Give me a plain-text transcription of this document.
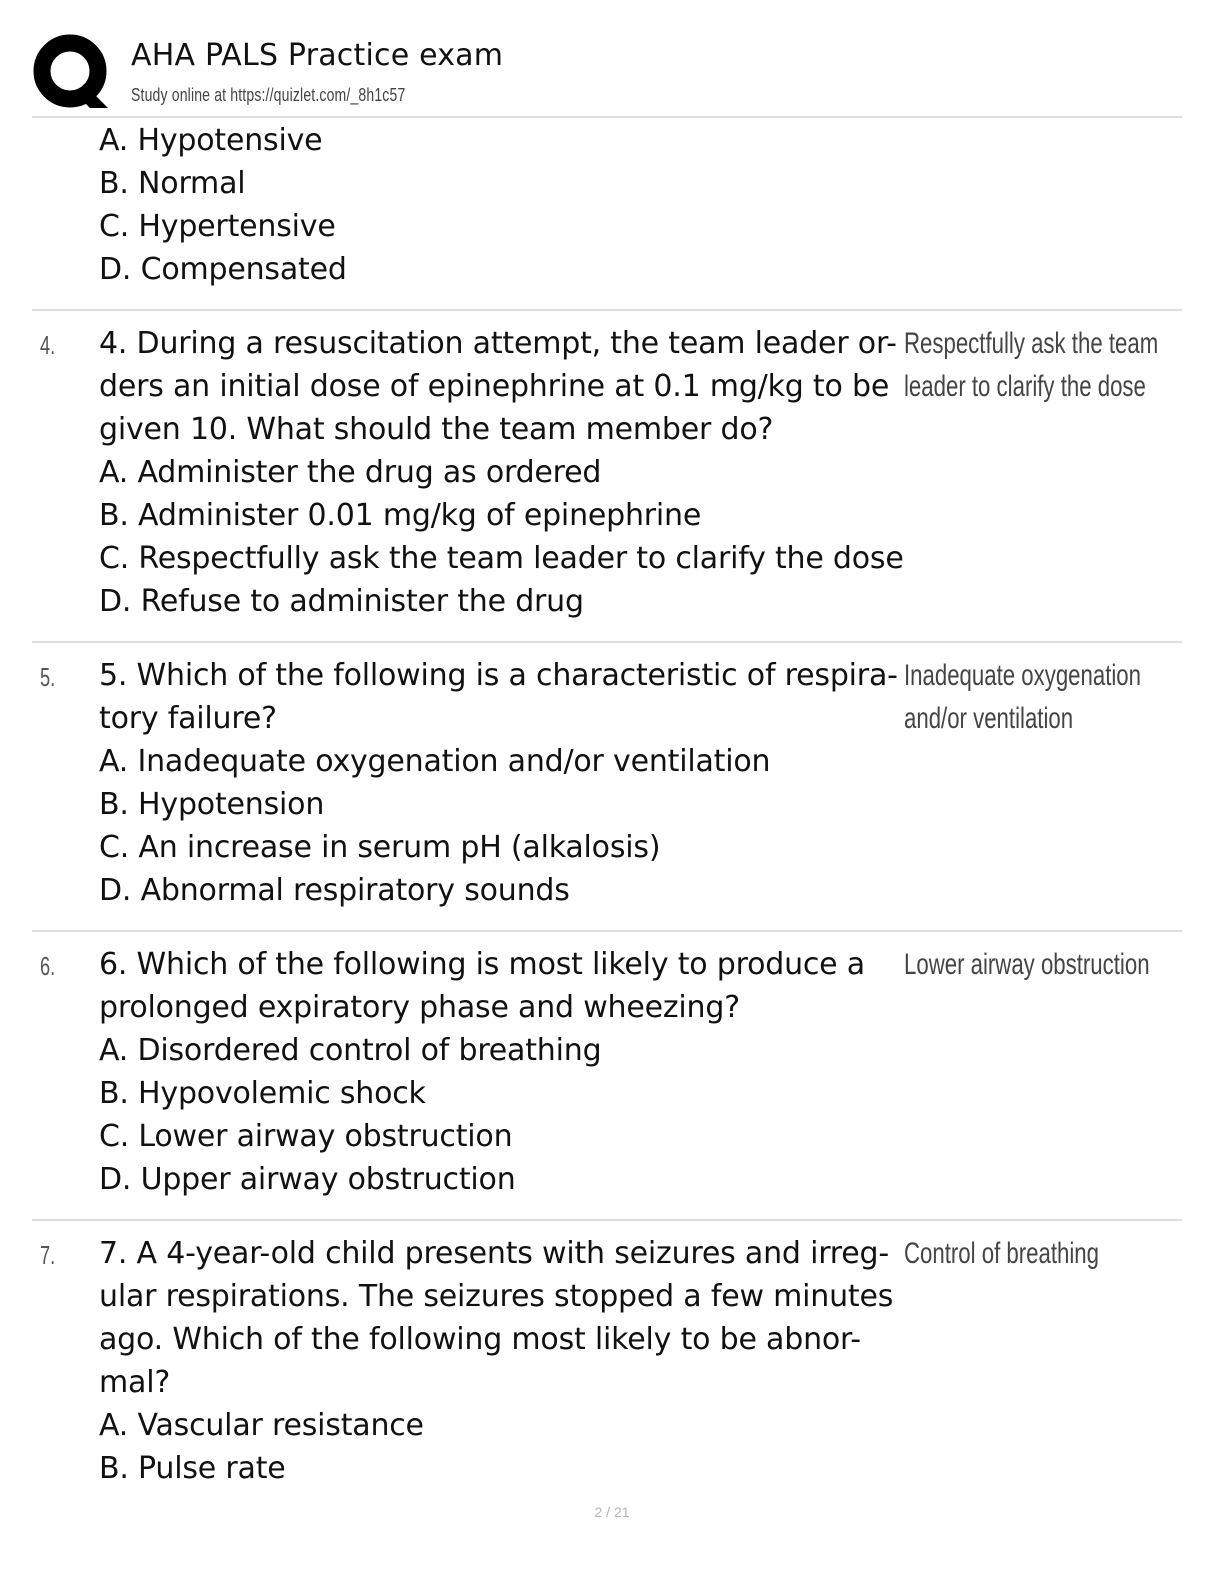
AHA PALS Practice exam
Study online at https://quizlet.com/_8h1c57
A. Hypotensive
B. Normal
C. Hypertensive
D. Compensated
4. 4. During a resuscitation attempt, the team leader or-
ders an initial dose of epinephrine at 0.1 mg/kg to be
given 10. What should the team member do?
A. Administer the drug as ordered
B. Administer 0.01 mg/kg of epinephrine
C. Respectfully ask the team leader to clarify the dose
D. Refuse to administer the drug
Respectfully ask the team
leader to clarify the dose
5. 5. Which of the following is a characteristic of respira-
tory failure?
A. Inadequate oxygenation and/or ventilation
B. Hypotension
C. An increase in serum pH (alkalosis)
D. Abnormal respiratory sounds
Inadequate oxygenation
and/or ventilation
6. 6. Which of the following is most likely to produce a
prolonged expiratory phase and wheezing?
A. Disordered control of breathing
B. Hypovolemic shock
C. Lower airway obstruction
D. Upper airway obstruction
Lower airway obstruction
7. 7. A 4-year-old child presents with seizures and irreg-
ular respirations. The seizures stopped a few minutes
ago. Which of the following most likely to be abnor-
mal?
A. Vascular resistance
B. Pulse rate
Control of breathing
2 / 21
